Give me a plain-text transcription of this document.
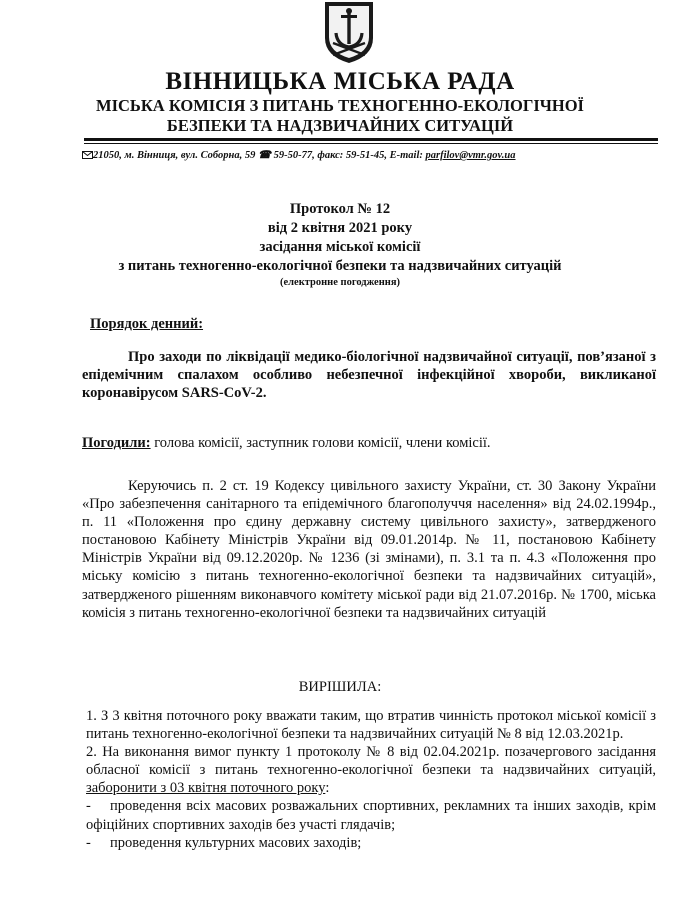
ВІННИЦЬКА МІСЬКА РАДА
МІСЬКА КОМІСІЯ З ПИТАНЬ ТЕХНОГЕННО-ЕКОЛОГІЧНОЇ
БЕЗПЕКИ ТА НАДЗВИЧАЙНИХ СИТУАЦІЙ
21050, м. Вінниця, вул. Соборна, 59 ☎ 59-50-77, факс: 59-51-45, E-mail: parfilov@vmr.gov.ua
Протокол № 12
від 2 квітня 2021 року
засідання міської комісії
з питань техногенно-екологічної безпеки та надзвичайних ситуацій
(електронне погодження)
Порядок денний:
Про заходи по ліквідації медико-біологічної надзвичайної ситуації, пов’язаної з епідемічним спалахом особливо небезпечної інфекційної хвороби, викликаної коронавірусом SARS-CoV-2.
Погодили: голова комісії, заступник голови комісії, члени комісії.
Керуючись п. 2 ст. 19 Кодексу цивільного захисту України, ст. 30 Закону України «Про забезпечення санітарного та епідемічного благополуччя населення» від 24.02.1994р., п. 11 «Положення про єдину державну систему цивільного захисту», затвердженого постановою Кабінету Міністрів України від 09.01.2014р. № 11, постановою Кабінету Міністрів України від 09.12.2020р. № 1236 (зі змінами), п. 3.1 та п. 4.3 «Положення про міську комісію з питань техногенно-екологічної безпеки та надзвичайних ситуацій», затвердженого рішенням виконавчого комітету міської ради від 21.07.2016р. № 1700, міська комісія з питань техногенно-екологічної безпеки та надзвичайних ситуацій
ВИРІШИЛА:

1. З 3 квітня поточного року вважати таким, що втратив чинність протокол міської комісії з питань техногенно-екологічної безпеки та надзвичайних ситуацій № 8 від 12.03.2021р.

2. На виконання вимог пункту 1 протоколу № 8 від 02.04.2021р. позачергового засідання обласної комісії з питань техногенно-екологічної безпеки та надзвичайних ситуацій, заборонити з 03 квітня поточного року:

- проведення всіх масових розважальних спортивних, рекламних та інших заходів, крім офіційних спортивних заходів без участі глядачів;

- проведення культурних масових заходів;
